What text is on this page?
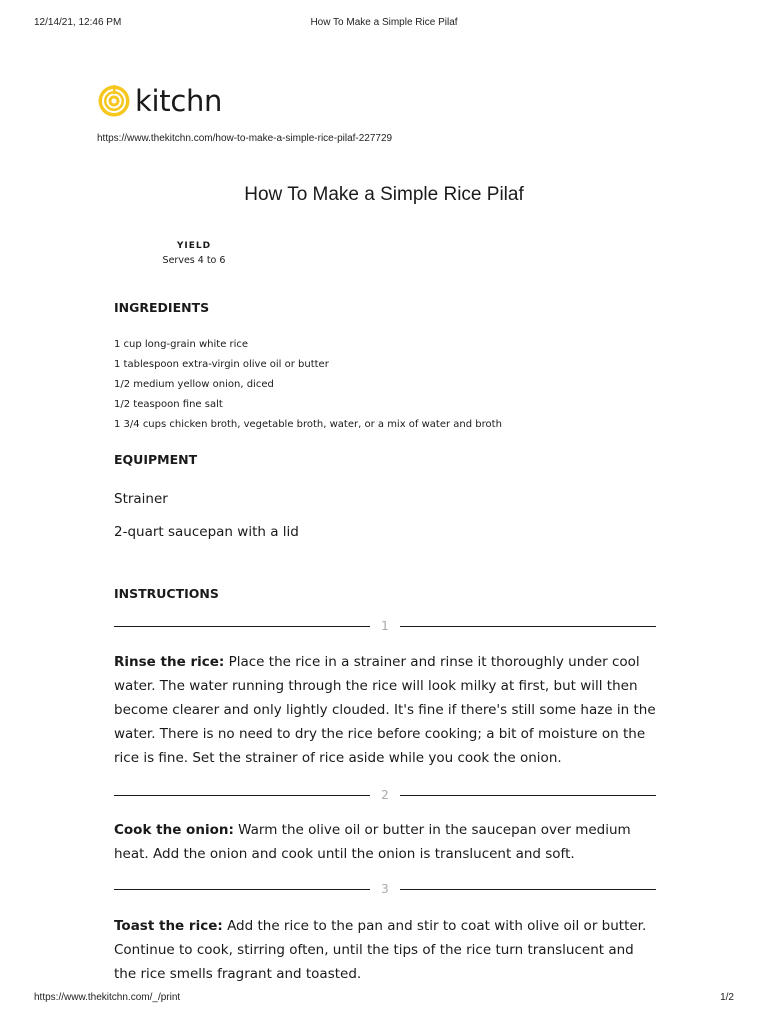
12/14/21, 12:46 PM	How To Make a Simple Rice Pilaf
kitchn
https://www.thekitchn.com/how-to-make-a-simple-rice-pilaf-227729
How To Make a Simple Rice Pilaf
YIELD
Serves 4 to 6
INGREDIENTS
1 cup long-grain white rice
1 tablespoon extra-virgin olive oil or butter
1/2 medium yellow onion, diced
1/2 teaspoon fine salt
1 3/4 cups chicken broth, vegetable broth, water, or a mix of water and broth
EQUIPMENT
Strainer
2-quart saucepan with a lid
INSTRUCTIONS
1
Rinse the rice: Place the rice in a strainer and rinse it thoroughly under cool water. The water running through the rice will look milky at first, but will then become clearer and only lightly clouded. It's fine if there's still some haze in the water. There is no need to dry the rice before cooking; a bit of moisture on the rice is fine. Set the strainer of rice aside while you cook the onion.
2
Cook the onion: Warm the olive oil or butter in the saucepan over medium heat. Add the onion and cook until the onion is translucent and soft.
3
Toast the rice: Add the rice to the pan and stir to coat with olive oil or butter. Continue to cook, stirring often, until the tips of the rice turn translucent and the rice smells fragrant and toasted.
https://www.thekitchn.com/_/print	1/2
